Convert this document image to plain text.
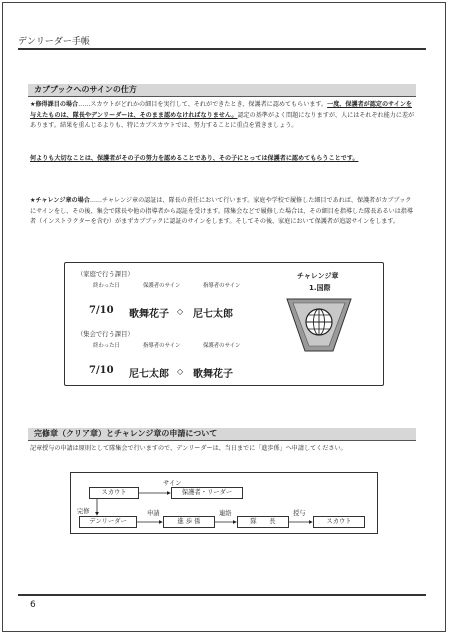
デンリーダー手帳
カブブックへのサインの仕方

★修得課目の場合……スカウトがどれかの細目を実行して、それができたとき、保護者に認めてもらいます。一度、保護者が認定のサインを与えたものは、隊長やデンリーダーは、そのまま認めなければなりません。認定の基準がよく問題になりますが、人にはそれぞれ能力に差があります。結果を重んじるよりも、特にカブスカウトでは、努力することに重点を置きましょう。

何よりも大切なことは、保護者がその子の努力を認めることであり、その子にとっては保護者に認めてもらうことです。

★チャレンジ章の場合……チャレンジ章の認証は、隊長の責任において行います。家庭や学校で履修した細目であれば、保護者がカブブックにサインをし、その後、集会で隊長や他の指導者から認証を受けます。隊集会などで履修した場合は、その細目を指導した隊長あるいは指導者（インストラクターを含む）がまずカブブックに認証のサインをします。そしてその後、家庭において保護者が追認サインをします。

（家庭で行う課目）
終わった日	保護者のサイン	指導者のサイン
7/10 歌舞花子 ◇ 尼七太郎
（集会で行う課目）
終わった日	指導者のサイン	保護者のサイン
7/10 尼七太郎 ◇ 歌舞花子
チャレンジ章
1.国際
完修章（クリア章）とチャレンジ章の申請について

記章授与の申請は原則として隊集会で行いますので、デンリーダーは、当日までに「進歩係」へ申請してください。

スカウト
サイン
保護者・リーダー
完修
デンリーダー
申請
進 歩 係
連絡
隊　　長
授与
スカウト
6
